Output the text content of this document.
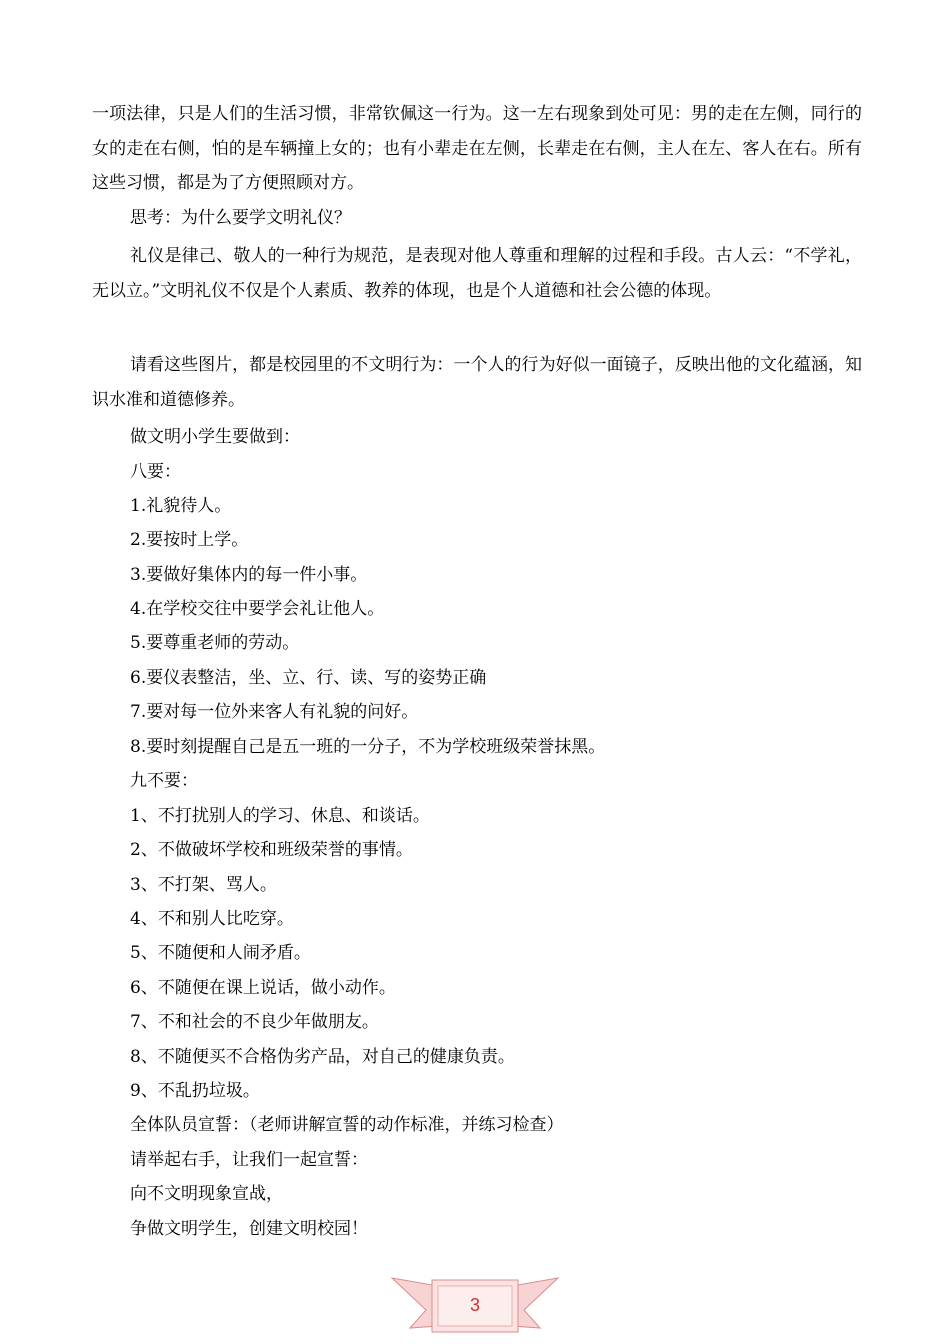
一项法律，只是人们的生活习惯，非常钦佩这一行为。这一左右现象到处可见：男的走在左侧，同行的女的走在右侧，怕的是车辆撞上女的；也有小辈走在左侧，长辈走在右侧，主人在左、客人在右。所有这些习惯，都是为了方便照顾对方。

思考：为什么要学文明礼仪？

礼仪是律己、敬人的一种行为规范，是表现对他人尊重和理解的过程和手段。古人云：“不学礼，无以立。”文明礼仪不仅是个人素质、教养的体现，也是个人道德和社会公德的体现。

请看这些图片，都是校园里的不文明行为：一个人的行为好似一面镜子，反映出他的文化蕴涵，知识水准和道德修养。

做文明小学生要做到：

八要：

1.礼貌待人。

2.要按时上学。

3.要做好集体内的每一件小事。

4.在学校交往中要学会礼让他人。

5.要尊重老师的劳动。

6.要仪表整洁，坐、立、行、读、写的姿势正确

7.要对每一位外来客人有礼貌的问好。

8.要时刻提醒自己是五一班的一分子，不为学校班级荣誉抹黑。

九不要：

1、不打扰别人的学习、休息、和谈话。

2、不做破坏学校和班级荣誉的事情。

3、不打架、骂人。

4、不和别人比吃穿。

5、不随便和人闹矛盾。

6、不随便在课上说话，做小动作。

7、不和社会的不良少年做朋友。

8、不随便买不合格伪劣产品，对自己的健康负责。

9、不乱扔垃圾。

全体队员宣誓：（老师讲解宣誓的动作标准，并练习检查）

请举起右手，让我们一起宣誓：

向不文明现象宣战，

争做文明学生，创建文明校园！

3
